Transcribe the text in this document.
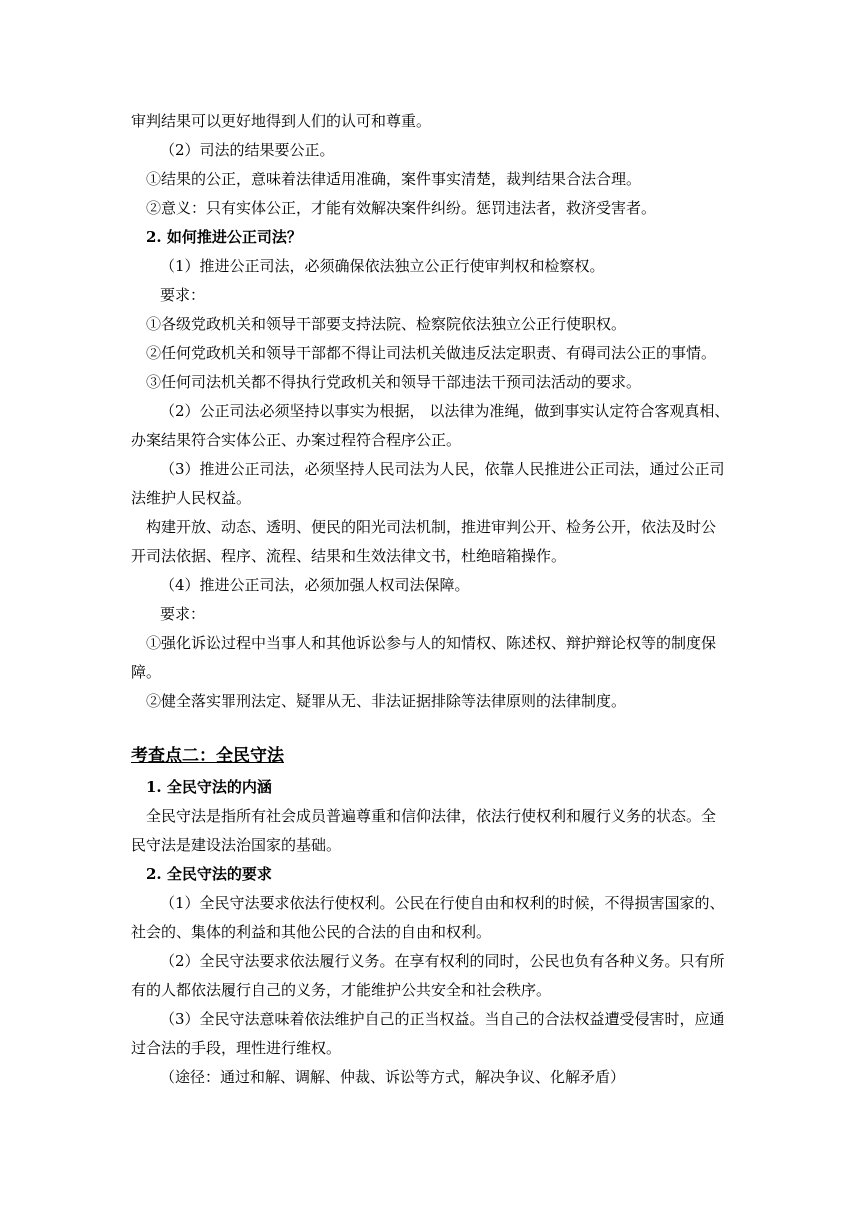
审判结果可以更好地得到人们的认可和尊重。
（2）司法的结果要公正。
①结果的公正，意味着法律适用准确，案件事实清楚，裁判结果合法合理。
②意义：只有实体公正，才能有效解决案件纠纷。惩罚违法者，救济受害者。
2. 如何推进公正司法？
（1）推进公正司法，必须确保依法独立公正行使审判权和检察权。
要求：
①各级党政机关和领导干部要支持法院、检察院依法独立公正行使职权。
②任何党政机关和领导干部都不得让司法机关做违反法定职责、有碍司法公正的事情。
③任何司法机关都不得执行党政机关和领导干部违法干预司法活动的要求。
（2）公正司法必须坚持以事实为根据， 以法律为准绳，做到事实认定符合客观真相、
办案结果符合实体公正、办案过程符合程序公正。
（3）推进公正司法，必须坚持人民司法为人民，依靠人民推进公正司法，通过公正司
法维护人民权益。
构建开放、动态、透明、便民的阳光司法机制，推进审判公开、检务公开，依法及时公
开司法依据、程序、流程、结果和生效法律文书，杜绝暗箱操作。
（4）推进公正司法，必须加强人权司法保障。
要求：
①强化诉讼过程中当事人和其他诉讼参与人的知情权、陈述权、辩护辩论权等的制度保
障。
②健全落实罪刑法定、疑罪从无、非法证据排除等法律原则的法律制度。
考查点二：全民守法
1. 全民守法的内涵
全民守法是指所有社会成员普遍尊重和信仰法律，依法行使权利和履行义务的状态。全
民守法是建设法治国家的基础。
2. 全民守法的要求
（1）全民守法要求依法行使权利。公民在行使自由和权利的时候，不得损害国家的、
社会的、集体的利益和其他公民的合法的自由和权利。
（2）全民守法要求依法履行义务。在享有权利的同时，公民也负有各种义务。只有所
有的人都依法履行自己的义务，才能维护公共安全和社会秩序。
（3）全民守法意味着依法维护自己的正当权益。当自己的合法权益遭受侵害时，应通
过合法的手段，理性进行维权。
（途径：通过和解、调解、仲裁、诉讼等方式，解决争议、化解矛盾）
